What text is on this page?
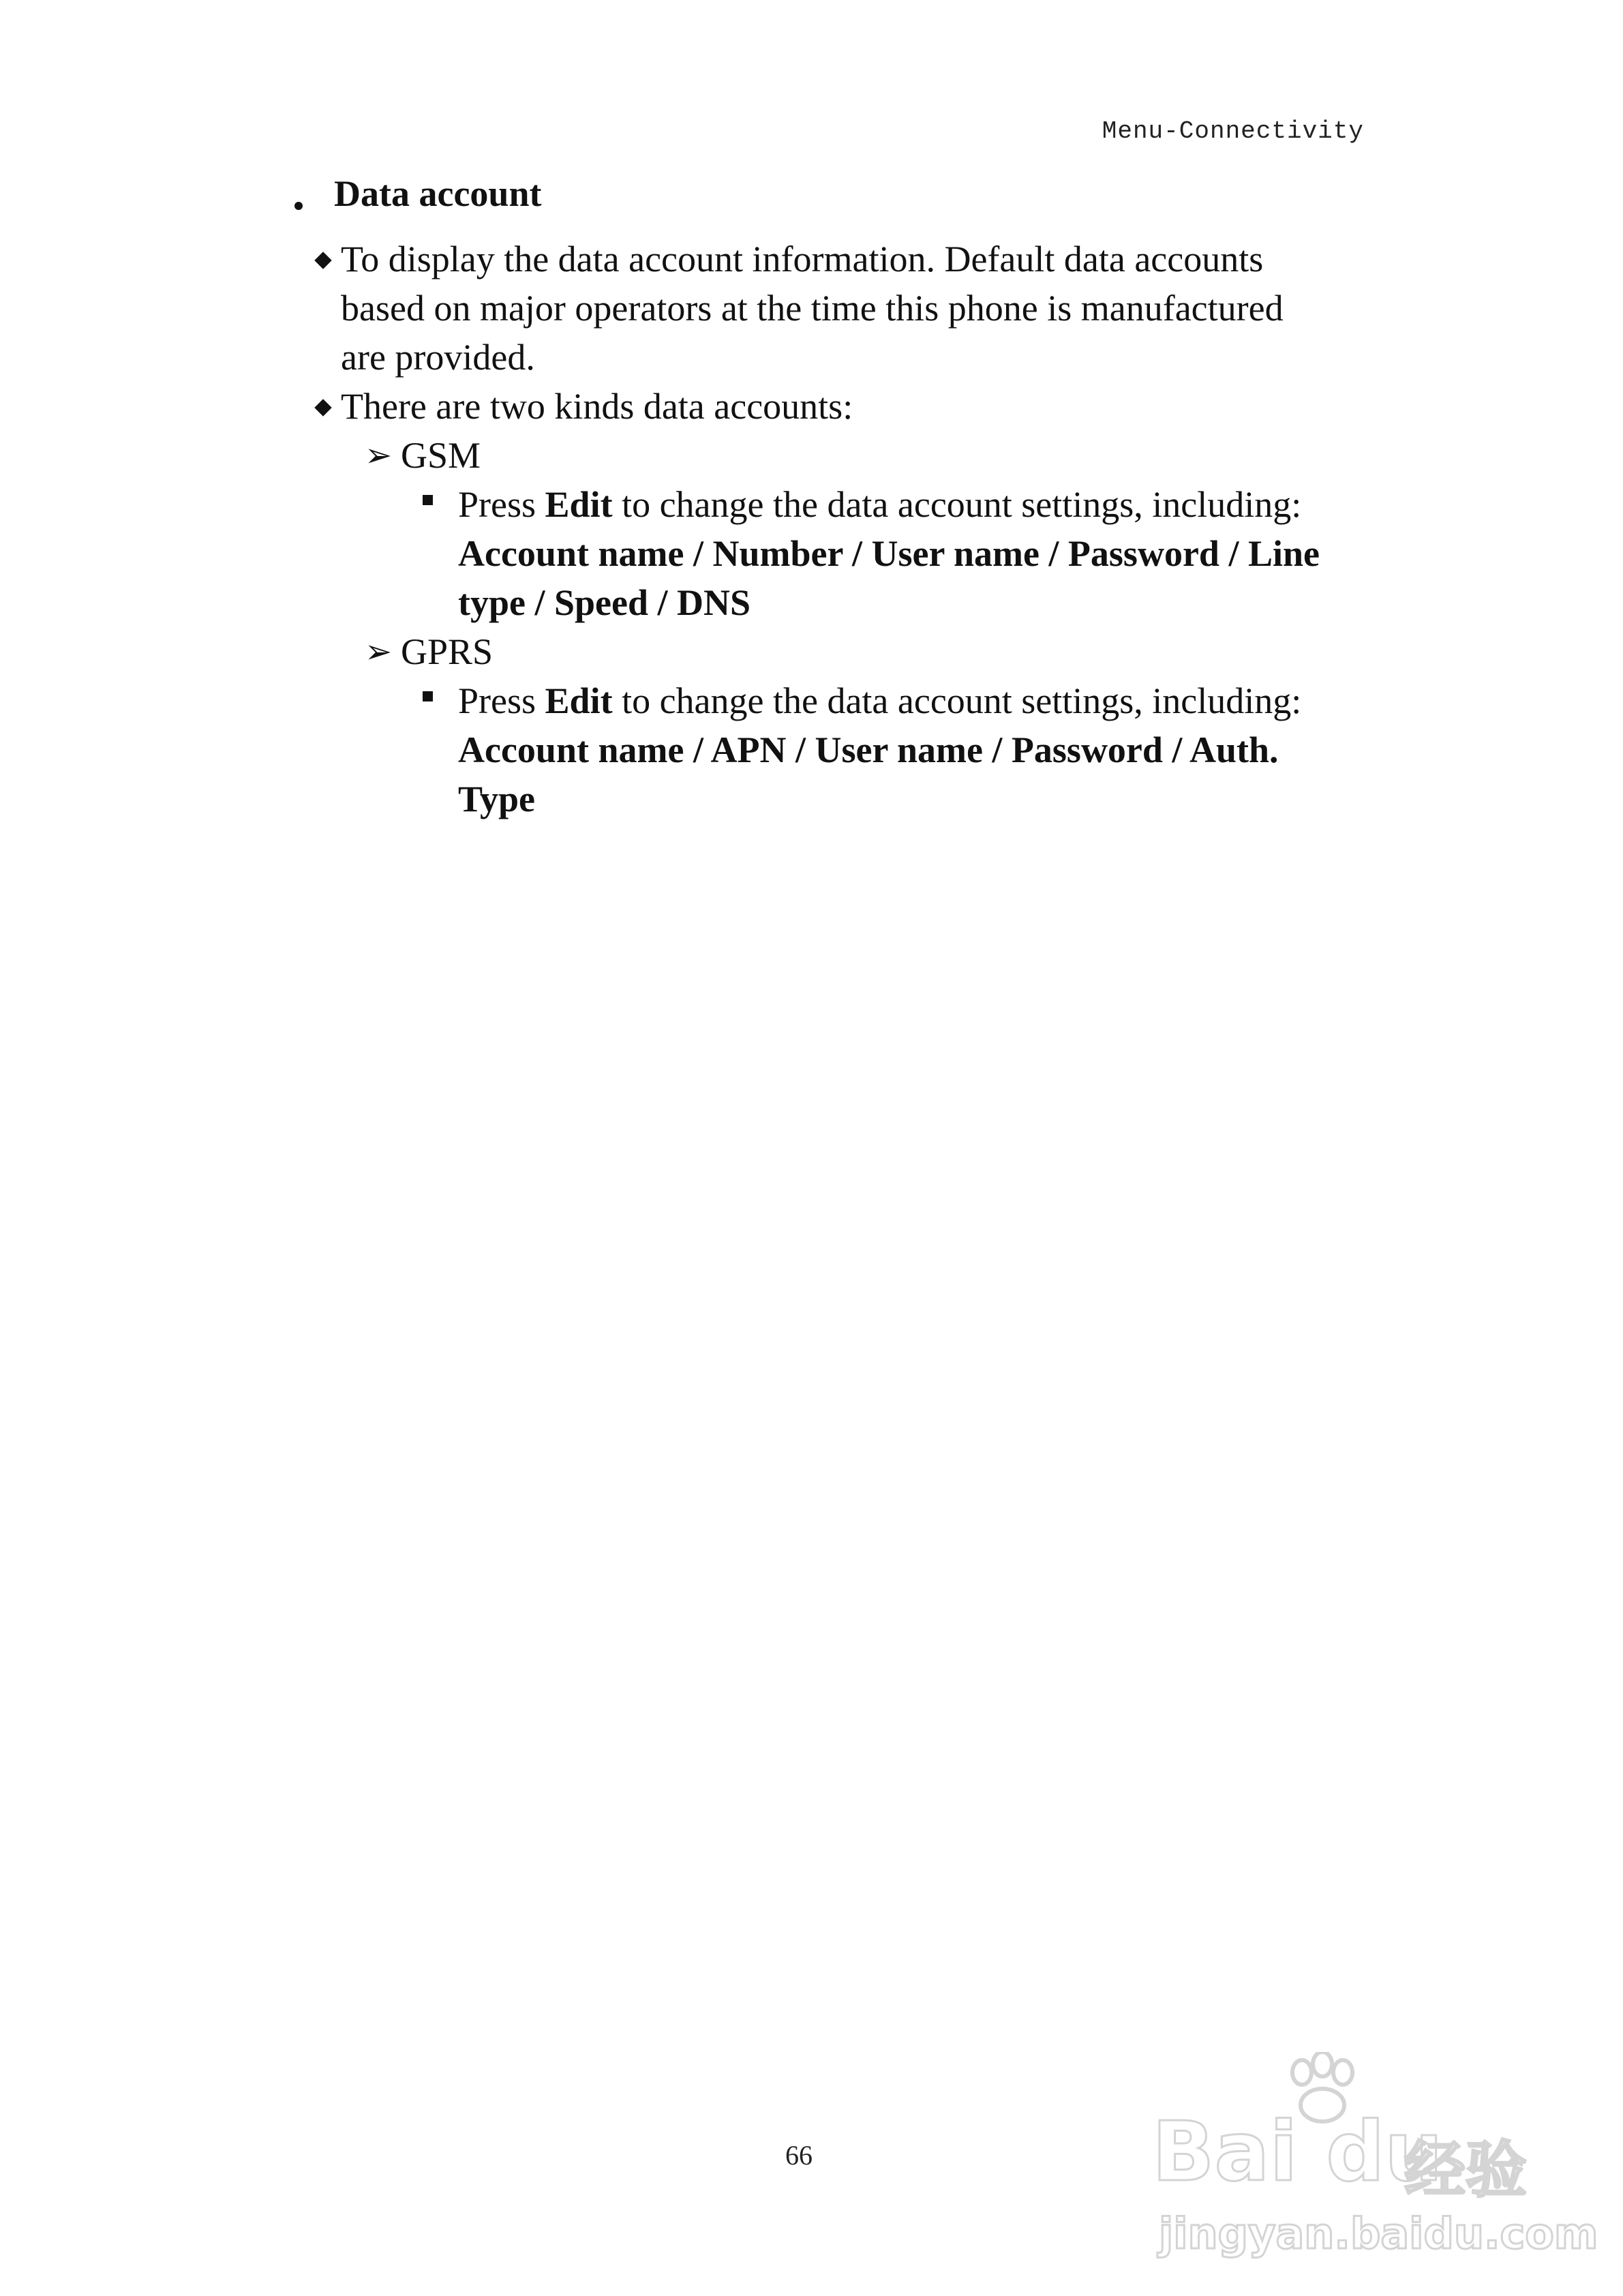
Menu-Connectivity
Data account
To display the data account information. Default data accounts
based on major operators at the time this phone is manufactured
are provided.
There are two kinds data accounts:
➢ GSM
Press Edit to change the data account settings, including:
Account name / Number / User name / Password / Line
type / Speed / DNS
➢ GPRS
Press Edit to change the data account settings, including:
Account name / APN / User name / Password / Auth.
Type
66	Bai du
经验
jingyan.baidu.com
